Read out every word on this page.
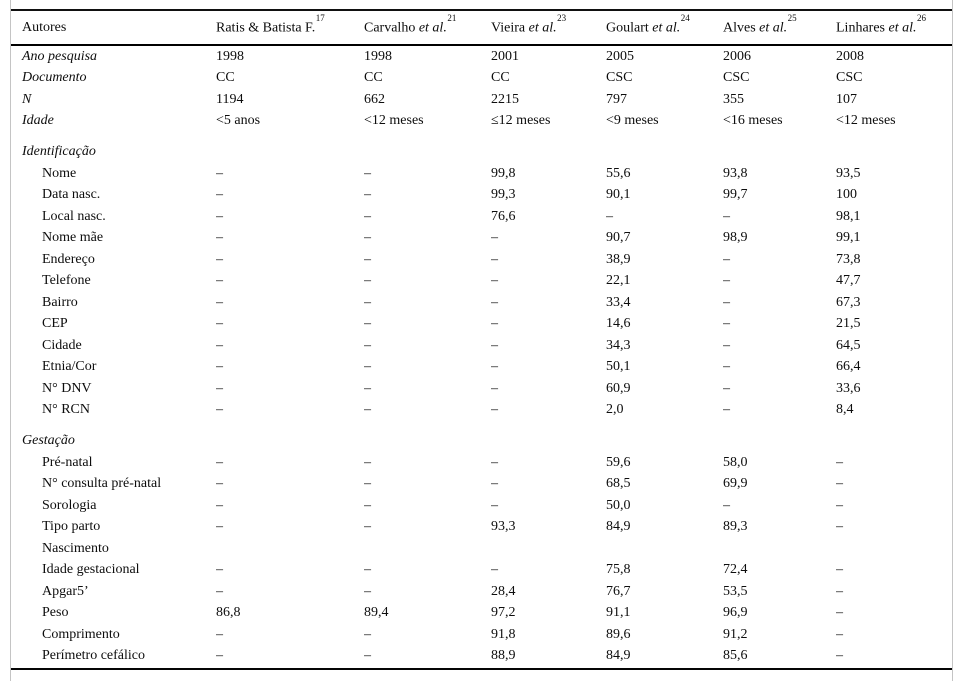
Autores	Ratis & Batista F.$^{17}$	Carvalho et al.$^{21}$	Vieira et al.$^{23}$	Goulart et al.$^{24}$	Alves et al.$^{25}$	Linhares et al.$^{26}$
Ano pesquisa	1998	1998	2001	2005	2006	2008
Documento	CC	CC	CC	CSC	CSC	CSC
N	1194	662	2215	797	355	107
Idade	<5 anos	<12 meses	≤12 meses	<9 meses	<16 meses	<12 meses
Identificação						
Nome	–	–	99,8	55,6	93,8	93,5
Data nasc.	–	–	99,3	90,1	99,7	100
Local nasc.	–	–	76,6	–	–	98,1
Nome mãe	–	–	–	90,7	98,9	99,1
Endereço	–	–	–	38,9	–	73,8
Telefone	–	–	–	22,1	–	47,7
Bairro	–	–	–	33,4	–	67,3
CEP	–	–	–	14,6	–	21,5
Cidade	–	–	–	34,3	–	64,5
Etnia/Cor	–	–	–	50,1	–	66,4
N° DNV	–	–	–	60,9	–	33,6
N° RCN	–	–	–	2,0	–	8,4
Gestação						
Pré-natal	–	–	–	59,6	58,0	–
N° consulta pré-natal	–	–	–	68,5	69,9	–
Sorologia	–	–	–	50,0	–	–
Tipo parto	–	–	93,3	84,9	89,3	–
Nascimento						
Idade gestacional	–	–	–	75,8	72,4	–
Apgar5’	–	–	28,4	76,7	53,5	–
Peso	86,8	89,4	97,2	91,1	96,9	–
Comprimento	–	–	91,8	89,6	91,2	–
Perímetro cefálico	–	–	88,9	84,9	85,6	–
